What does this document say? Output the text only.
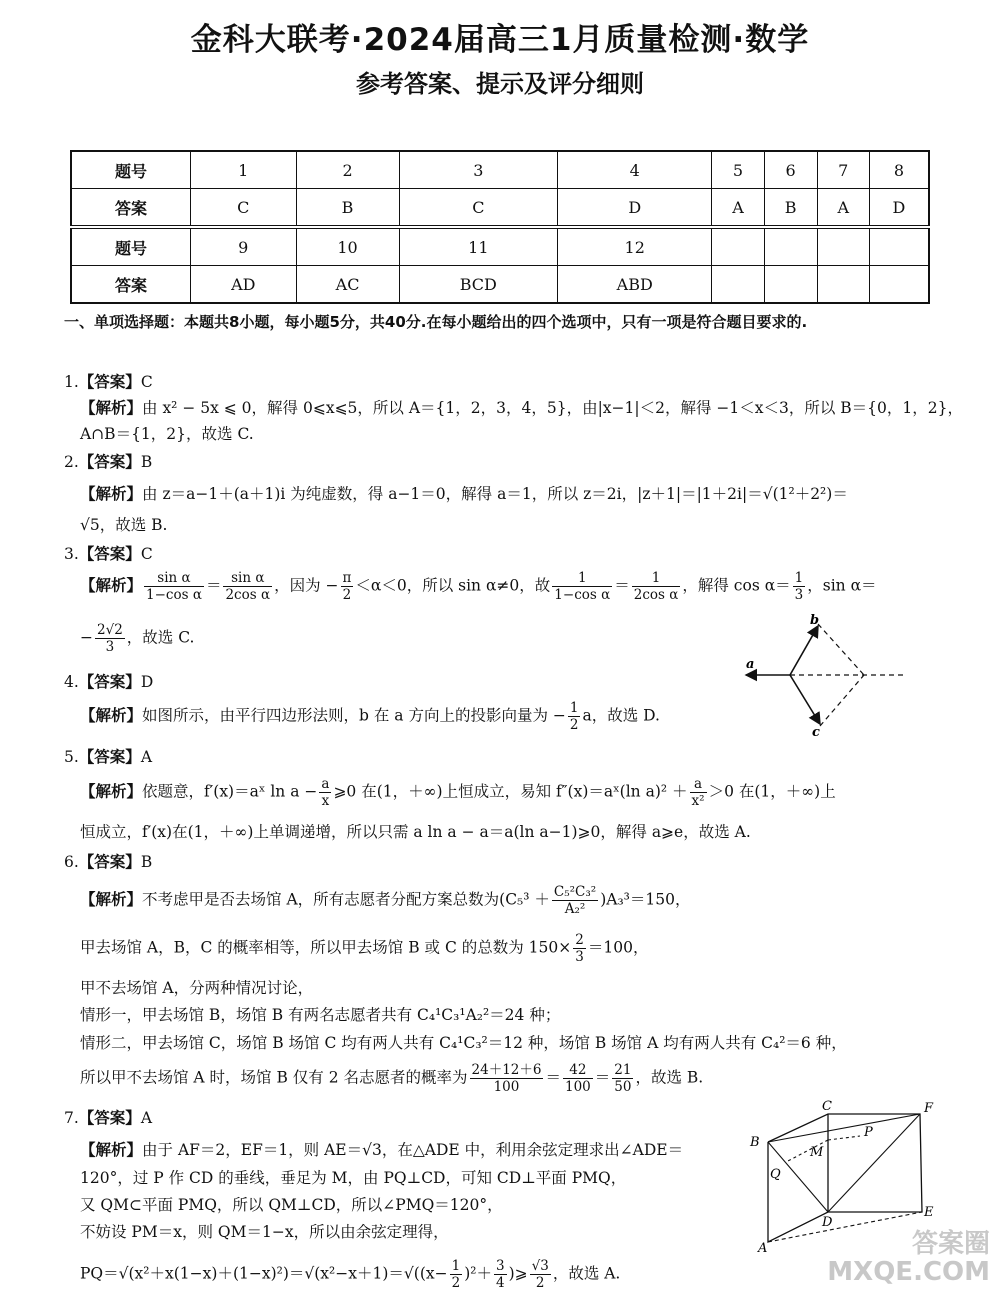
金科大联考·2024届高三1月质量检测·数学
参考答案、提示及评分细则
题号	1	2	3	4	5	6	7	8
答案	C	B	C	D	A	B	A	D
题号	9	10	11	12				
答案	AD	AC	BCD	ABD				
一、单项选择题：本题共8小题，每小题5分，共40分.在每小题给出的四个选项中，只有一项是符合题目要求的.
1.【答案】C
【解析】由 x² − 5x ⩽ 0，解得 0⩽x⩽5，所以 A＝{1，2，3，4，5}，由|x−1|＜2，解得 −1＜x＜3，所以 B＝{0，1，2}，
A∩B＝{1，2}，故选 C.
2.【答案】B
【解析】由 z＝a−1＋(a＋1)i 为纯虚数，得 a−1＝0，解得 a＝1，所以 z＝2i，|z＋1|＝|1＋2i|＝√(1²＋2²)＝
√5，故选 B.
3.【答案】C
【解析】 $\frac{\text{sin α}}{\text{1−cos α}} = \frac{\text{sin α}}{\text{2cos α}}$ ，因为 − $\frac{\pi}{2} <\alpha<0$，所以 sin α≠0，故 $\frac{1}{\text{1−cos α}} = \frac{1}{\text{2cos α}}$ ，解得 $\cos \alpha= \frac{1}{3}$ ，sin α＝
− $\frac{2√2}{3}$ ，故选 C.
a
b
c
4.【答案】D
【解析】如图所示，由平行四边形法则，b 在 a 方向上的投影向量为 − $\frac{1}{2}$ a，故选 D.
5.【答案】A
【解析】依题意，f′(x)＝aˣ $\ln a - \frac{a}{x}$ ⩾0 在(1，＋∞)上恒成立，易知 f″(x)＝aˣ(ln $a)^2 + \frac{a}{\text{x²}} >0$ 在(1，＋∞)上
恒成立，f′(x)在(1，＋∞)上单调递增，所以只需 a ln a − a＝a(ln a−1)⩾0，解得 a⩾e，故选 A.
6.【答案】B
【解析】不考虑甲是否去场馆 A，所有志愿者分配方案总数为$(C_5^3 + \frac{\text{C₅²C₃²}}{\text{A₂²}} )A_3^3=150$，
甲去场馆 A，B，C 的概率相等，所以甲去场馆 B 或 C 的总数为 $150\times \frac{2}{3} =100$，
甲不去场馆 A，分两种情况讨论，
情形一，甲去场馆 B，场馆 B 有两名志愿者共有 C₄¹C₃¹A₂²＝24 种；
情形二，甲去场馆 C，场馆 B 场馆 C 均有两人共有 C₄¹C₃²＝12 种，场馆 B 场馆 A 均有两人共有 C₄²＝6 种，
所以甲不去场馆 A 时，场馆 B 仅有 2 名志愿者的概率为 $\frac{24+12+6}{100} = \frac{42}{100} = \frac{21}{50}$ ，故选 B.
B
C	F
P
M
Q
D
E
A
7.【答案】A
【解析】由于 AF＝2，EF＝1，则 AE＝√3，在△ADE 中，利用余弦定理求出∠ADE＝
120°，过 P 作 CD 的垂线，垂足为 M，由 PQ⊥CD，可知 CD⊥平面 PMQ，
又 QM⊂平面 PMQ，所以 QM⊥CD，所以∠PMQ＝120°，
不妨设 PM＝x，则 QM＝1−x，所以由余弦定理得，
$PQ=√(x^2+x(1-x)+(1-x)^2)=√(x^2-x+1)=√((x- \frac{1}{2} )^2+ \frac{3}{4}$ )⩾ $\frac{√3}{2}$ ，故选 A.
答案圈
MXQE.COM
